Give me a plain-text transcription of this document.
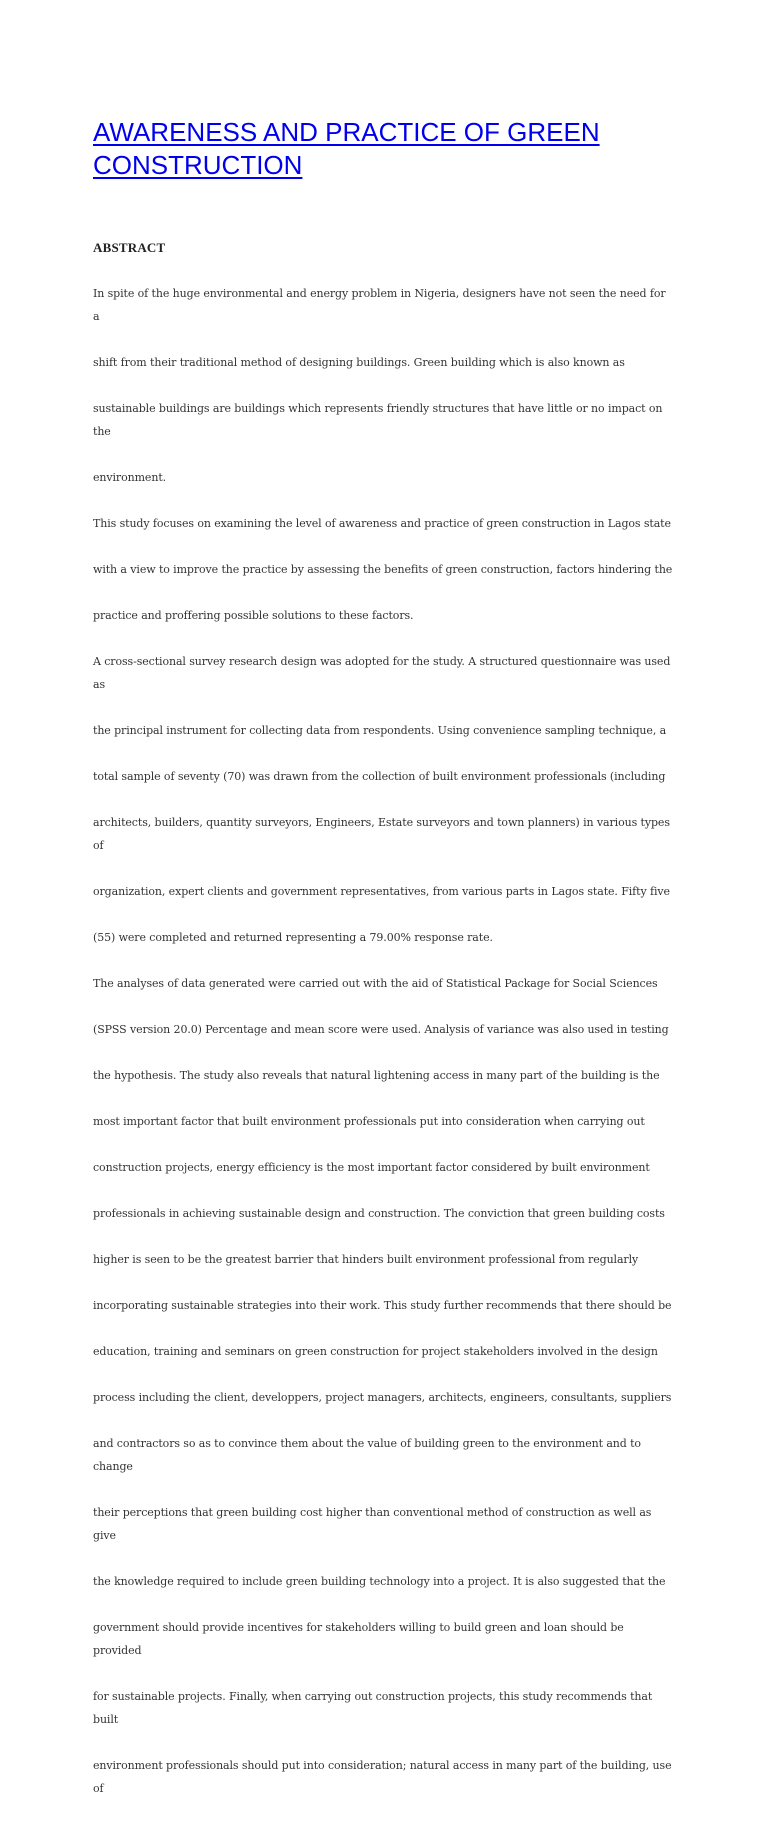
AWARENESS AND PRACTICE OF GREEN CONSTRUCTION
ABSTRACT

In spite of the huge environmental and energy problem in Nigeria, designers have not seen the need for a

shift from their traditional method of designing buildings. Green building which is also known as

sustainable buildings are buildings which represents friendly structures that have little or no impact on the

environment.

This study focuses on examining the level of awareness and practice of green construction in Lagos state

with a view to improve the practice by assessing the benefits of green construction, factors hindering the

practice and proffering possible solutions to these factors.

A cross-sectional survey research design was adopted for the study. A structured questionnaire was used as

the principal instrument for collecting data from respondents. Using convenience sampling technique, a

total sample of seventy (70) was drawn from the collection of built environment professionals (including

architects, builders, quantity surveyors, Engineers, Estate surveyors and town planners) in various types of

organization, expert clients and government representatives, from various parts in Lagos state. Fifty five

(55) were completed and returned representing a 79.00% response rate.

The analyses of data generated were carried out with the aid of Statistical Package for Social Sciences

(SPSS version 20.0) Percentage and mean score were used. Analysis of variance was also used in testing

the hypothesis. The study also reveals that natural lightening access in many part of the building is the

most important factor that built environment professionals put into consideration when carrying out

construction projects, energy efficiency is the most important factor considered by built environment

professionals in achieving sustainable design and construction. The conviction that green building costs

higher is seen to be the greatest barrier that hinders built environment professional from regularly

incorporating sustainable strategies into their work. This study further recommends that there should be

education, training and seminars on green construction for project stakeholders involved in the design

process including the client, developpers, project managers, architects, engineers, consultants, suppliers

and contractors so as to convince them about the value of building green to the environment and to change

their perceptions that green building cost higher than conventional method of construction as well as give

the knowledge required to include green building technology into a project. It is also suggested that the

government should provide incentives for stakeholders willing to build green and loan should be provided

for sustainable projects. Finally, when carrying out construction projects, this study recommends that built

environment professionals should put into consideration; natural access in many part of the building, use of
